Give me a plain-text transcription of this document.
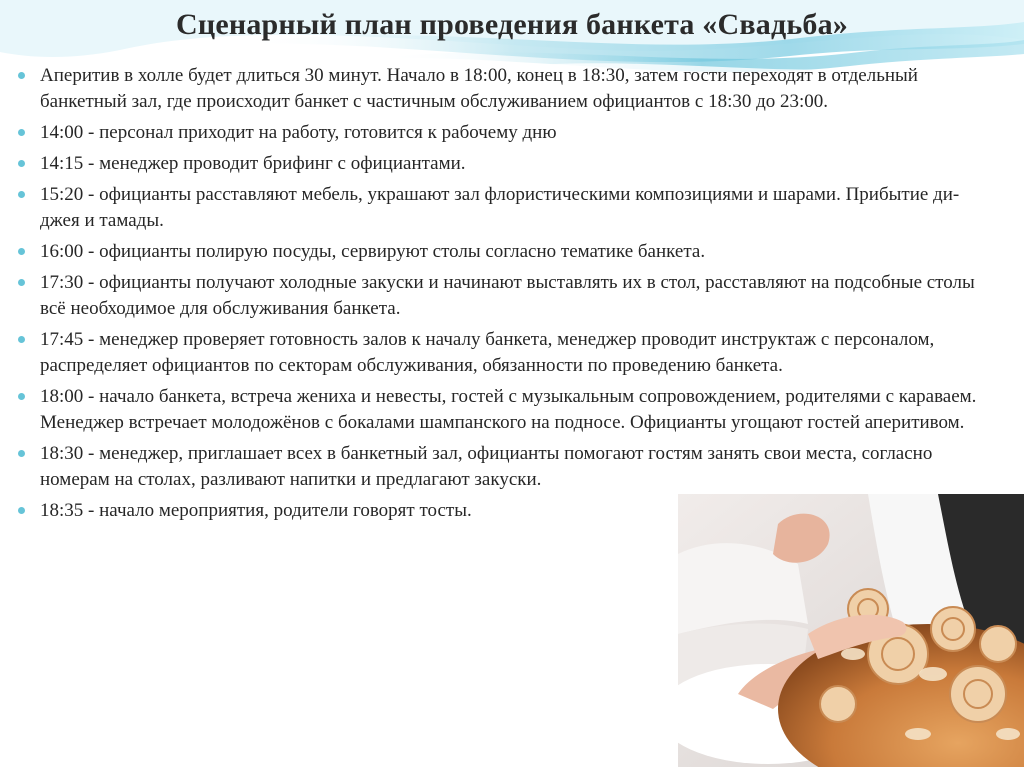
Сценарный план проведения банкета «Свадьба»
Аперитив в холле будет длиться 30 минут. Начало в 18:00, конец в 18:30, затем гости переходят в отдельный банкетный зал, где происходит банкет с частичным обслуживанием официантов с 18:30 до 23:00.
14:00 - персонал приходит на работу, готовится к рабочему дню
14:15 - менеджер проводит брифинг с официантами.
15:20 - официанты расставляют мебель, украшают зал флористическими композициями и шарами. Прибытие ди-джея и тамады.
16:00 - официанты полирую посуды, сервируют столы согласно тематике банкета.
17:30 - официанты получают холодные закуски и начинают выставлять их в стол, расставляют на подсобные столы всё необходимое для обслуживания банкета.
17:45 - менеджер проверяет готовность залов к началу банкета, менеджер проводит инструктаж с персоналом, распределяет официантов по секторам обслуживания, обязанности по проведению банкета.
18:00 - начало банкета, встреча жениха и невесты, гостей с музыкальным сопровождением, родителями с караваем. Менеджер встречает молодожёнов с бокалами шампанского на подносе. Официанты угощают гостей аперитивом.
18:30 - менеджер, приглашает всех в банкетный зал, официанты помогают гостям занять свои места, согласно номерам на столах, разливают напитки и предлагают закуски.
18:35 - начало мероприятия, родители говорят тосты.
